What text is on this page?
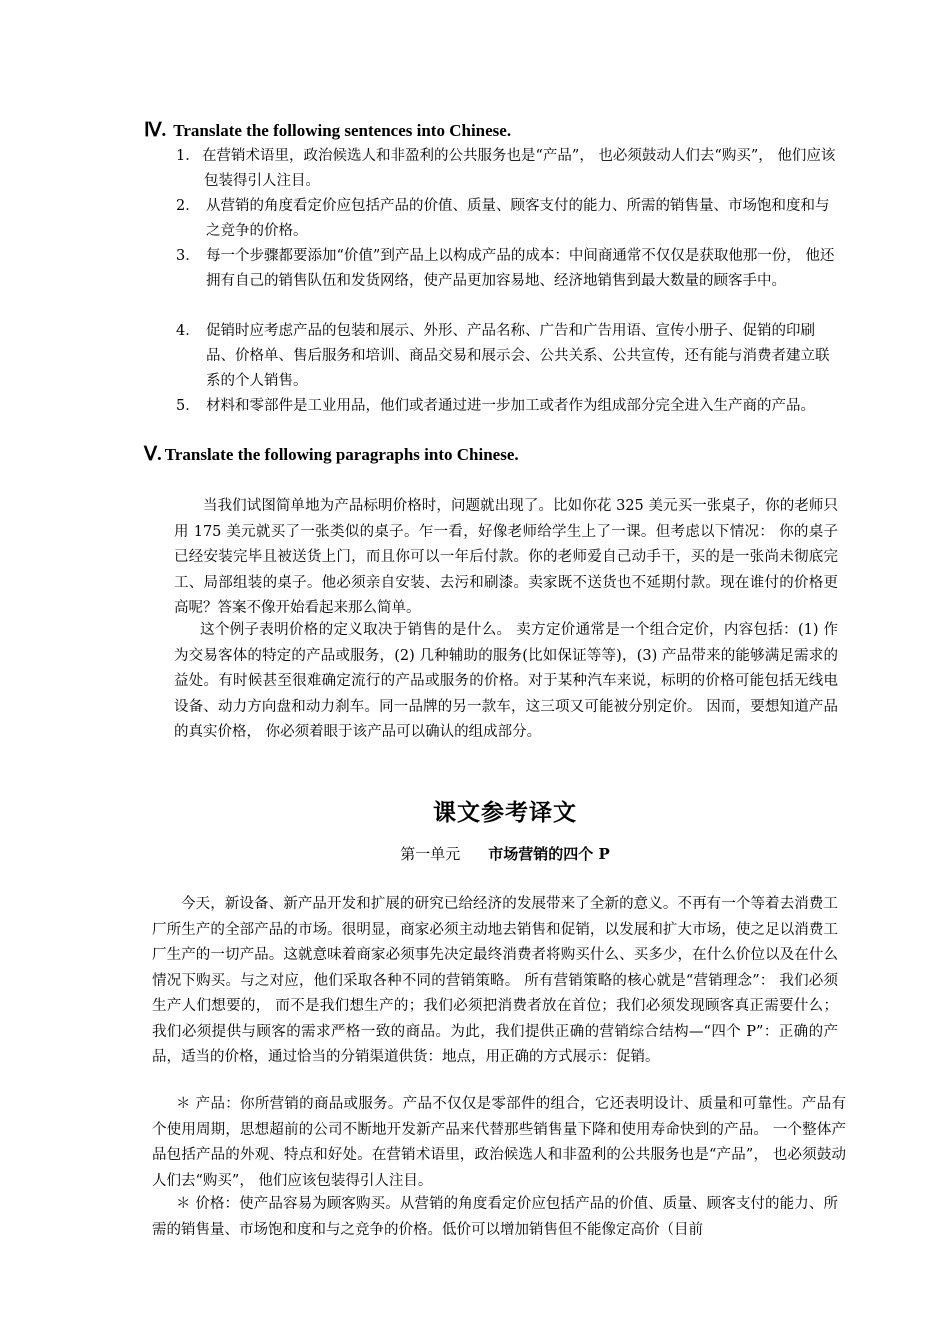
Ⅳ. Translate the following sentences into Chinese.
1． 在营销术语里，政治候选人和非盈利的公共服务也是“产品”， 也必须鼓动人们去“购买”， 他们应该包装得引人注目。
2． 从营销的角度看定价应包括产品的价值、质量、顾客支付的能力、所需的销售量、市场饱和度和与之竞争的价格。
3． 每一个步骤都要添加“价值”到产品上以构成产品的成本：中间商通常不仅仅是获取他那一份， 他还拥有自己的销售队伍和发货网络，使产品更加容易地、经济地销售到最大数量的顾客手中。
4． 促销时应考虑产品的包装和展示、外形、产品名称、广告和广告用语、宣传小册子、促销的印刷品、价格单、售后服务和培训、商品交易和展示会、公共关系、公共宣传，还有能与消费者建立联系的个人销售。
5． 材料和零部件是工业用品，他们或者通过进一步加工或者作为组成部分完全进入生产商的产品。
Ⅴ. Translate the following paragraphs into Chinese.
当我们试图简单地为产品标明价格时，问题就出现了。比如你花 325 美元买一张桌子，你的老师只用 175 美元就买了一张类似的桌子。乍一看，好像老师给学生上了一课。但考虑以下情况： 你的桌子已经安装完毕且被送货上门，而且你可以一年后付款。你的老师爱自己动手干，买的是一张尚未彻底完工、局部组装的桌子。他必须亲自安装、去污和刷漆。卖家既不送货也不延期付款。现在谁付的价格更高呢？答案不像开始看起来那么简单。
这个例子表明价格的定义取决于销售的是什么。 卖方定价通常是一个组合定价，内容包括：(1) 作为交易客体的特定的产品或服务，(2) 几种辅助的服务(比如保证等等)，(3) 产品带来的能够满足需求的益处。有时候甚至很难确定流行的产品或服务的价格。对于某种汽车来说，标明的价格可能包括无线电设备、动力方向盘和动力刹车。同一品牌的另一款车，这三项又可能被分别定价。 因而，要想知道产品的真实价格， 你必须着眼于该产品可以确认的组成部分。
课文参考译文
第一单元 市场营销的四个 P
今天，新设备、新产品开发和扩展的研究已给经济的发展带来了全新的意义。不再有一个等着去消费工厂所生产的全部产品的市场。很明显，商家必须主动地去销售和促销，以发展和扩大市场，使之足以消费工厂生产的一切产品。这就意味着商家必须事先决定最终消费者将购买什么、买多少，在什么价位以及在什么情况下购买。与之对应，他们采取各种不同的营销策略。 所有营销策略的核心就是“营销理念”： 我们必须生产人们想要的， 而不是我们想生产的；我们必须把消费者放在首位；我们必须发现顾客真正需要什么；我们必须提供与顾客的需求严格一致的商品。为此，我们提供正确的营销综合结构—“四个 P”：正确的产品，适当的价格，通过恰当的分销渠道供货：地点，用正确的方式展示：促销。
＊ 产品：你所营销的商品或服务。产品不仅仅是零部件的组合，它还表明设计、质量和可靠性。产品有个使用周期，思想超前的公司不断地开发新产品来代替那些销售量下降和使用寿命快到的产品。 一个整体产品包括产品的外观、特点和好处。在营销术语里，政治候选人和非盈利的公共服务也是“产品”， 也必须鼓动人们去“购买”， 他们应该包装得引人注目。
＊ 价格：使产品容易为顾客购买。从营销的角度看定价应包括产品的价值、质量、顾客支付的能力、所需的销售量、市场饱和度和与之竞争的价格。低价可以增加销售但不能像定高价（目前
